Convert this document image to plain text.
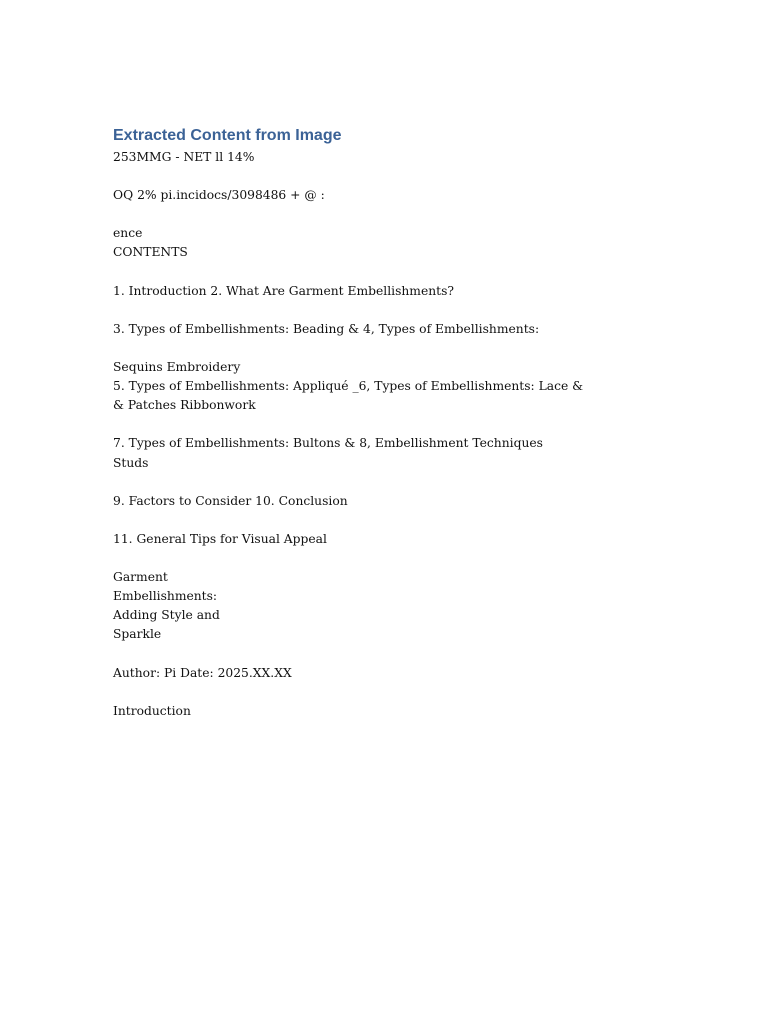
Extracted Content from Image
253MMG - NET ll 14%
OQ 2% pi.incidocs/3098486 + @ :
ence
CONTENTS
1. Introduction 2. What Are Garment Embellishments?
3. Types of Embellishments: Beading & 4, Types of Embellishments:
Sequins Embroidery
5. Types of Embellishments: Appliqué _6, Types of Embellishments: Lace &
& Patches Ribbonwork
7. Types of Embellishments: Bultons & 8, Embellishment Techniques
Studs
9. Factors to Consider 10. Conclusion
11. General Tips for Visual Appeal
Garment
Embellishments:
Adding Style and
Sparkle
Author: Pi Date: 2025.XX.XX
Introduction
